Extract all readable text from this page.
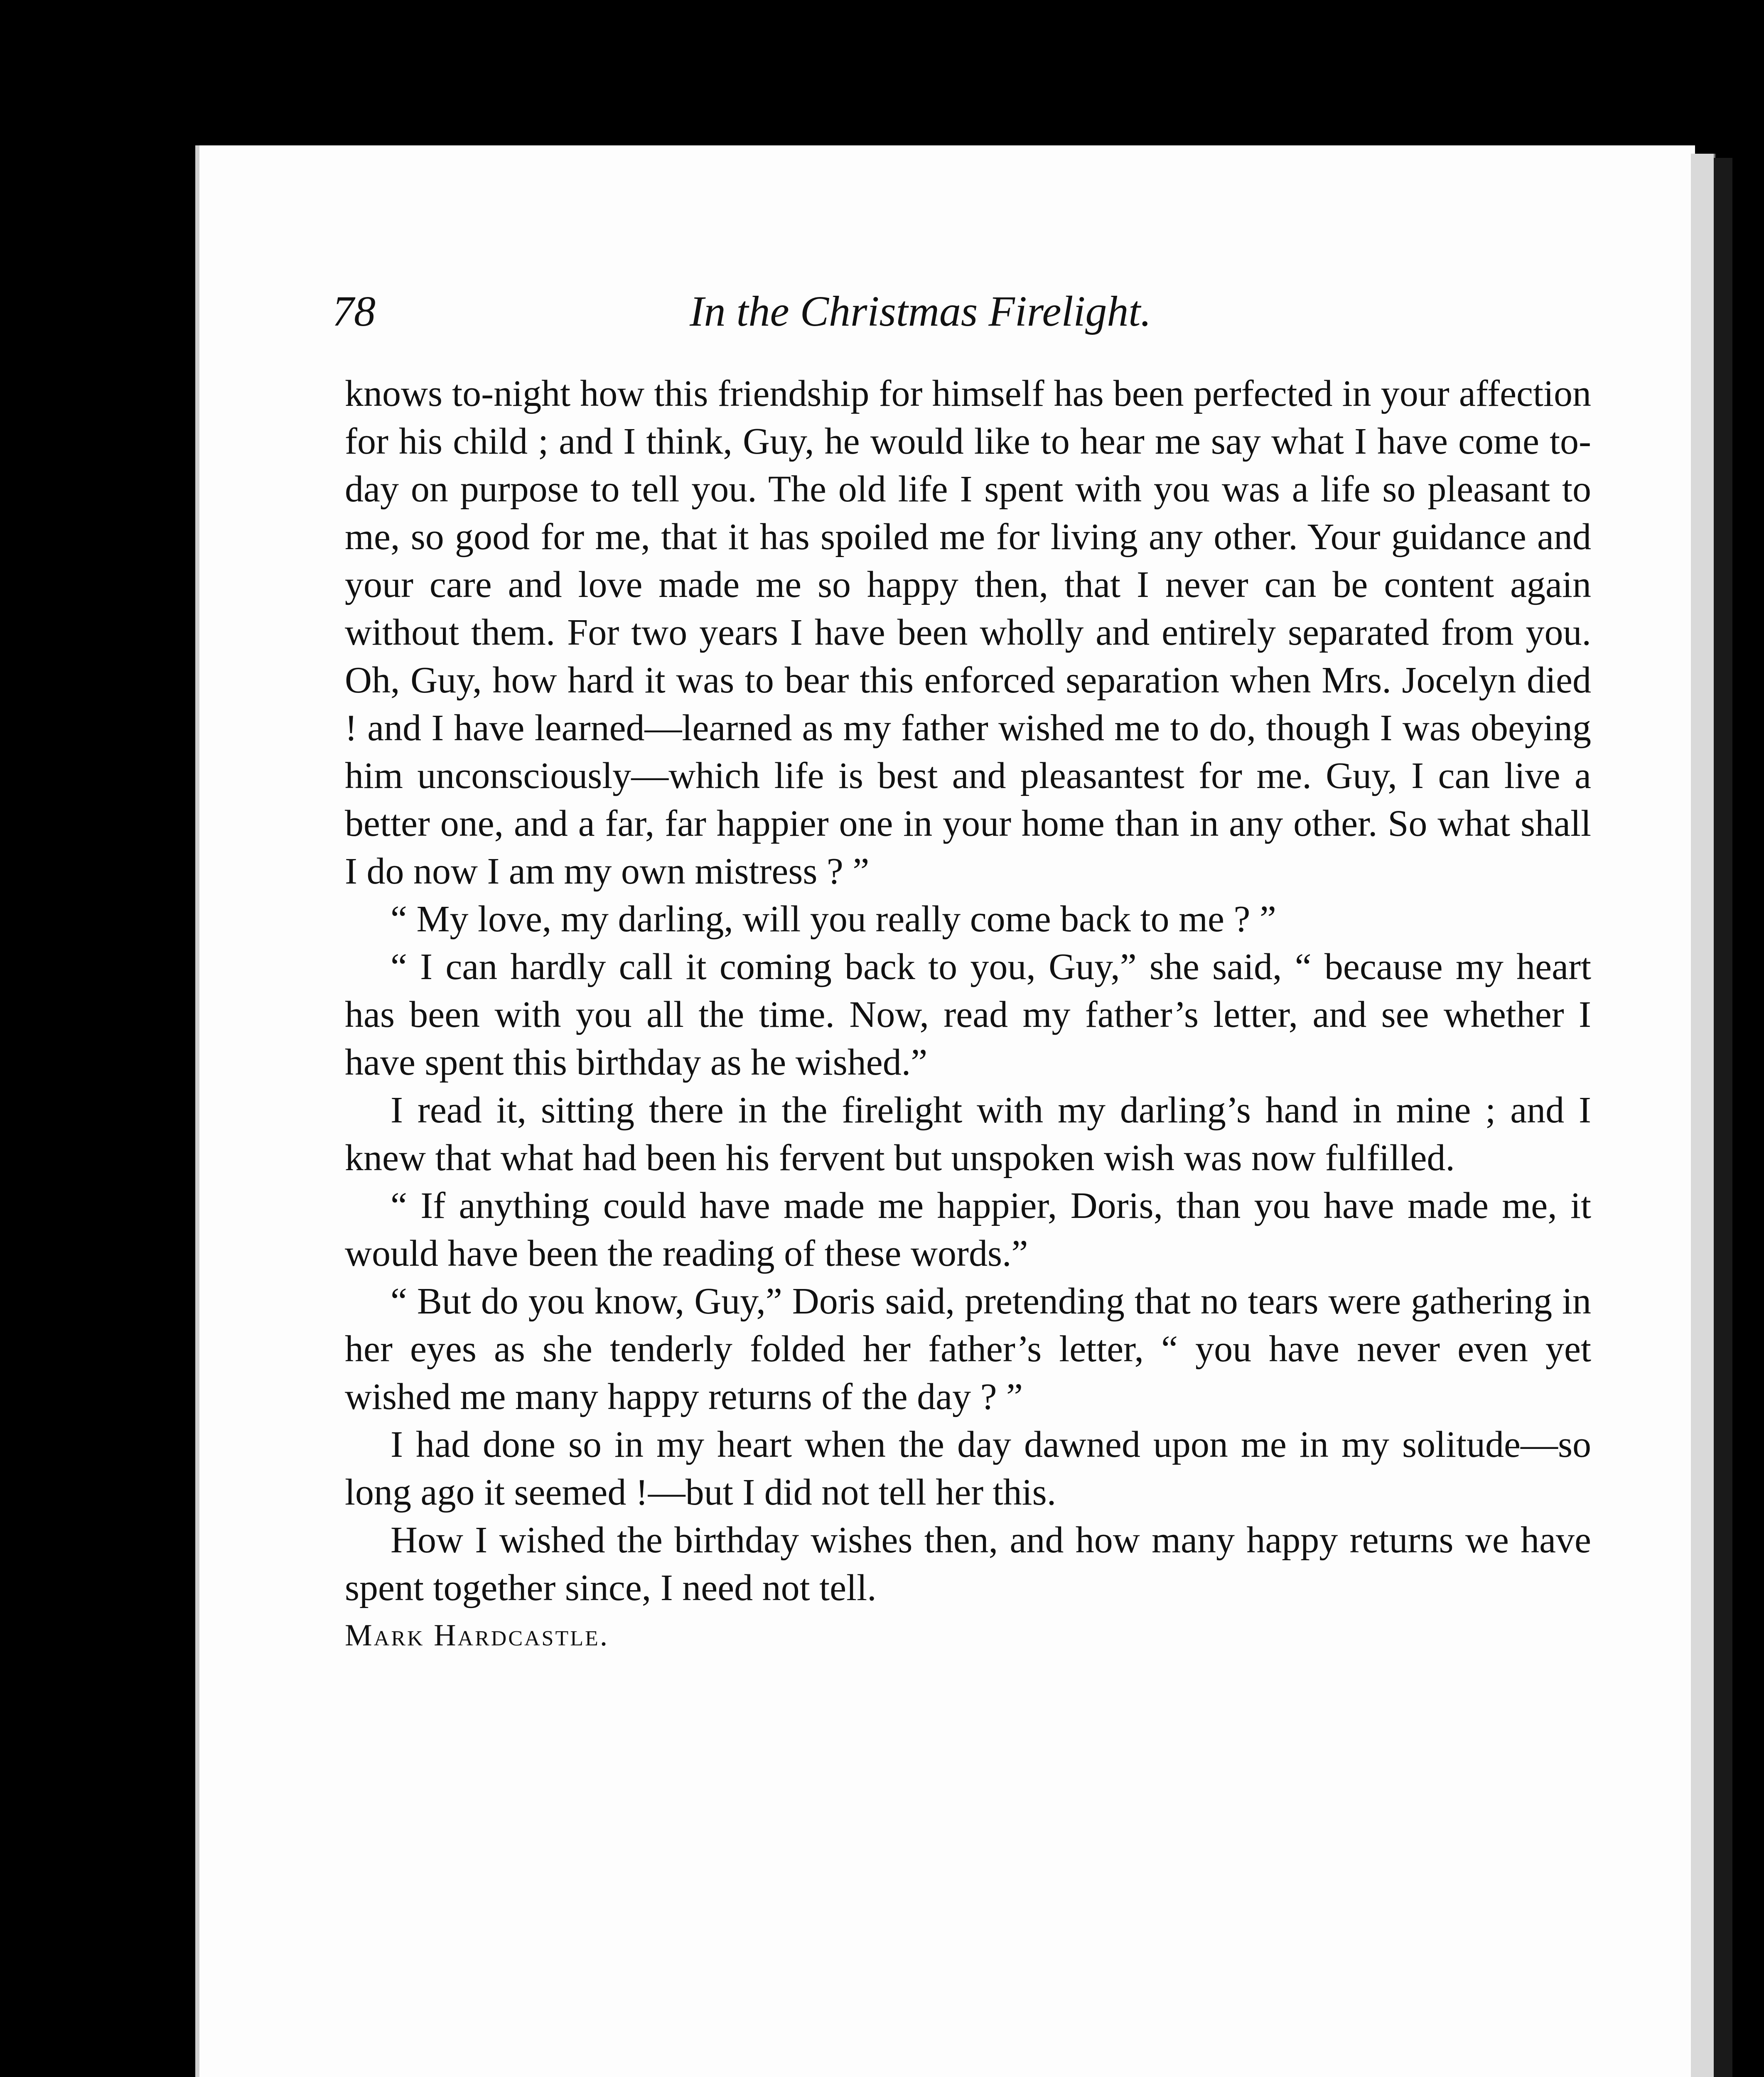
78	In the Christmas Firelight.

knows to-night how this friendship for himself has been perfected in your affection for his child ; and I think, Guy, he would like to hear me say what I have come to-day on purpose to tell you. The old life I spent with you was a life so pleasant to me, so good for me, that it has spoiled me for living any other. Your guidance and your care and love made me so happy then, that I never can be content again without them. For two years I have been wholly and entirely separated from you. Oh, Guy, how hard it was to bear this enforced separation when Mrs. Jocelyn died ! and I have learned—learned as my father wished me to do, though I was obeying him unconsciously—which life is best and pleasantest for me. Guy, I can live a better one, and a far, far happier one in your home than in any other. So what shall I do now I am my own mistress ? ”

“ My love, my darling, will you really come back to me ? ”

“ I can hardly call it coming back to you, Guy,” she said, “ because my heart has been with you all the time. Now, read my father’s letter, and see whether I have spent this birthday as he wished.”

I read it, sitting there in the firelight with my darling’s hand in mine ; and I knew that what had been his fervent but unspoken wish was now fulfilled.

“ If anything could have made me happier, Doris, than you have made me, it would have been the reading of these words.”

“ But do you know, Guy,” Doris said, pretending that no tears were gathering in her eyes as she tenderly folded her father’s letter, “ you have never even yet wished me many happy returns of the day ? ”

I had done so in my heart when the day dawned upon me in my solitude—so long ago it seemed !—but I did not tell her this.

How I wished the birthday wishes then, and how many happy returns we have spent together since, I need not tell.

Mark Hardcastle.
